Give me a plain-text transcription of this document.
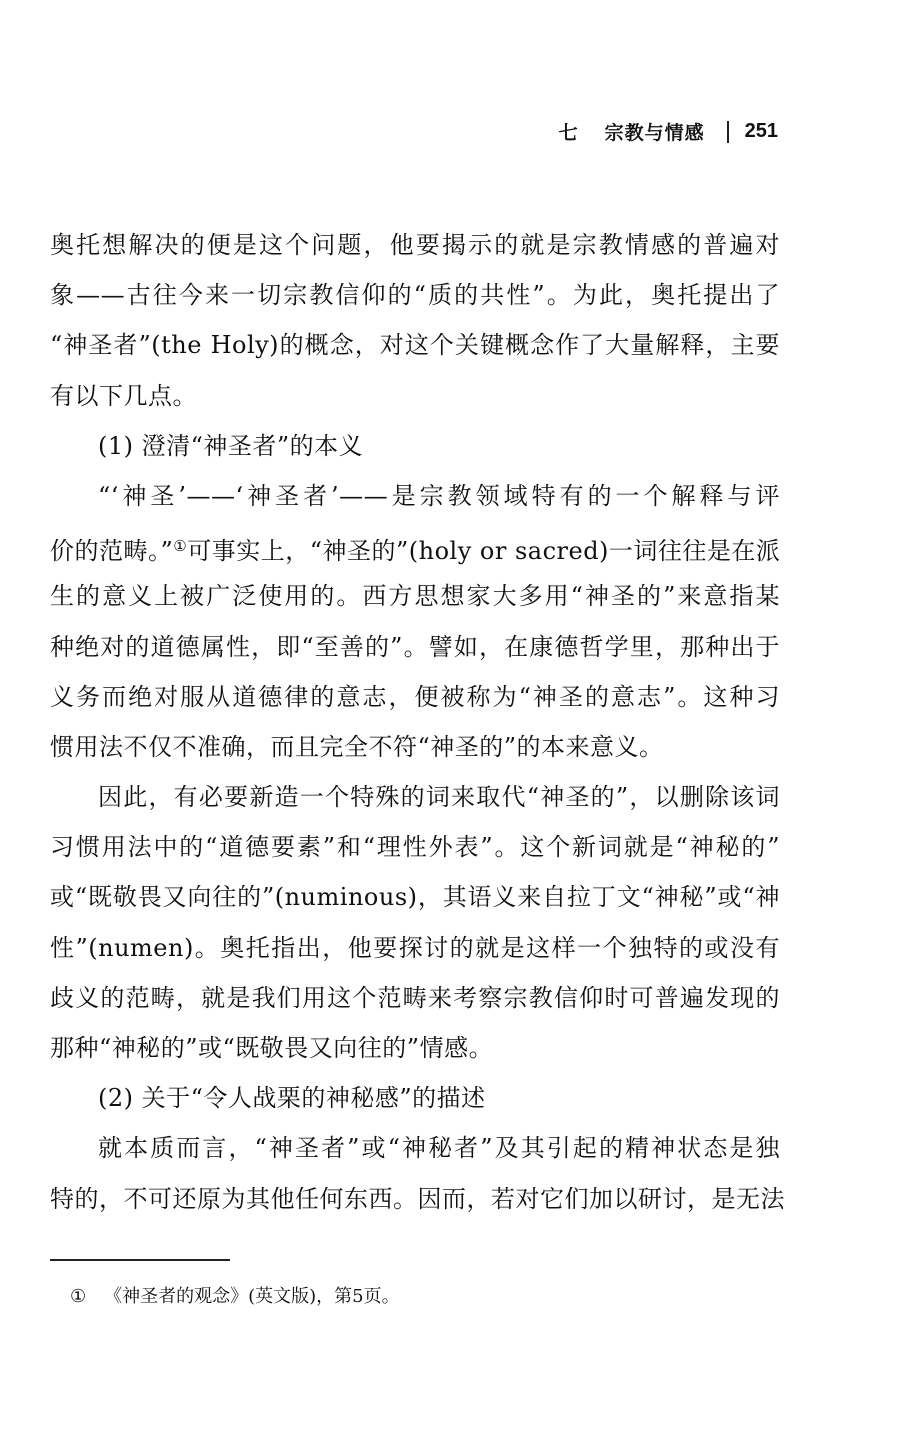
七 宗教与情感 251
奥托想解决的便是这个问题，他要揭示的就是宗教情感的普遍对
象——古往今来一切宗教信仰的“质的共性”。为此，奥托提出了
“神圣者”(the Holy)的概念，对这个关键概念作了大量解释，主要
有以下几点。
(1) 澄清“神圣者”的本义
“‘神圣’——‘神圣者’——是宗教领域特有的一个解释与评
价的范畴。”①可事实上，“神圣的”(holy or sacred)一词往往是在派
生的意义上被广泛使用的。西方思想家大多用“神圣的”来意指某
种绝对的道德属性，即“至善的”。譬如，在康德哲学里，那种出于
义务而绝对服从道德律的意志，便被称为“神圣的意志”。这种习
惯用法不仅不准确，而且完全不符“神圣的”的本来意义。
因此，有必要新造一个特殊的词来取代“神圣的”，以删除该词
习惯用法中的“道德要素”和“理性外表”。这个新词就是“神秘的”
或“既敬畏又向往的”(numinous)，其语义来自拉丁文“神秘”或“神
性”(numen)。奥托指出，他要探讨的就是这样一个独特的或没有
歧义的范畴，就是我们用这个范畴来考察宗教信仰时可普遍发现的
那种“神秘的”或“既敬畏又向往的”情感。
(2) 关于“令人战栗的神秘感”的描述
就本质而言，“神圣者”或“神秘者”及其引起的精神状态是独
特的，不可还原为其他任何东西。因而，若对它们加以研讨，是无法
① 《神圣者的观念》(英文版)，第5页。
